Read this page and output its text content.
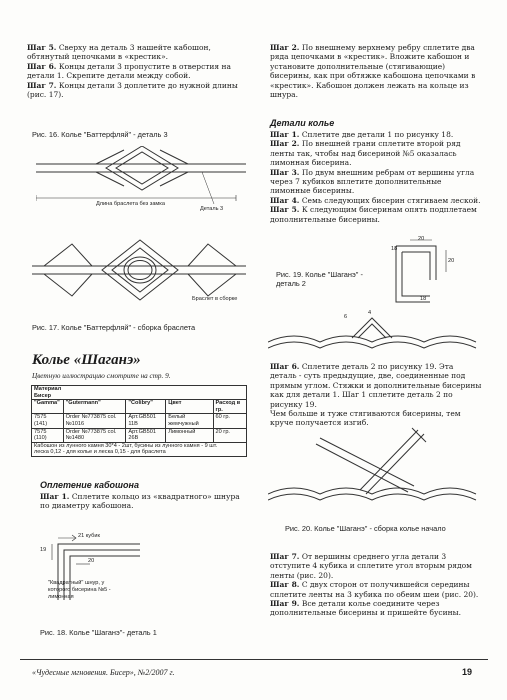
Шаг 5. Сверху на деталь 3 нашейте кабошон, обтянутый цепочками в «крестик».

Шаг 6. Концы детали 3 пропустите в отверстия на детали 1. Скрепите детали между собой.

Шаг 7. Концы детали 3 доплетите до нужной длины (рис. 17).

Рис. 16. Колье "Баттерфляй" - деталь 3
Длина браслета без замка
Деталь 3
Браслет в сборке
Рис. 17. Колье "Баттерфляй" - сборка браслета
Колье «Шаганэ»
Цветную иллюстрацию смотрите на стр. 9.
Материал				
Бисер				
"Gamma"	"Gutermann"	"Colibry"	Цвет	Расход в гр.
7575 (141)	Order №773875 col. №1016	Арт.GB501 11B	Белый жемчужный	60 гр.
7575 (110)	Order №773875 col. №1480	Арт.GB501 26B	Лимонный	20 гр.

Кабошон из лунного камня 30*4 - 2шт, бусины из лунного камня - 9 шт.
леска 0,12 - для колье и леска 0,15 - для браслета				
Оплетение кабошона

Шаг 1. Сплетите кольцо из «квадратного» шнура по диаметру кабошона.

21 кубик
20
19
"Квадратный" шнур, у которого бисерина №5 - лимонная
Рис. 18. Колье "Шаганэ"- деталь 1

Шаг 2. По внешнему верхнему ребру сплетите два ряда цепочками в «крестик». Вложите кабошон и установите дополнительные (стягивающие) бисерины, как при обтяжке кабошона цепочками в «крестик». Кабошон должен лежать на кольце из шнура.

Детали колье

Шаг 1. Сплетите две детали 1 по рисунку 18.

Шаг 2. По внешней грани сплетите второй ряд ленты так, чтобы над бисериной №5 оказалась лимонная бисерина.

Шаг 3. По двум внешним ребрам от вершины угла через 7 кубиков вплетите дополнительные лимонные бисерины.

Шаг 4. Семь следующих бисерин стягиваем леской.

Шаг 5. К следующим бисеринам опять подплетаем дополнительные бисерины.

20
18
20
18
Рис. 19. Колье "Шаганэ" - деталь 2
6
4

Шаг 6. Сплетите деталь 2 по рисунку 19. Эта деталь - суть предыдущие, две, соединенные под прямым углом. Стяжки и дополнительные бисерины как для детали 1. Шаг 1 сплетите деталь 2 по рисунку 19.

Чем больше и туже стягиваются бисерины, тем круче получается изгиб.

Рис. 20. Колье "Шаганэ" - сборка колье начало

Шаг 7. От вершины среднего угла детали 3 отступите 4 кубика и сплетите угол вторым рядом ленты (рис. 20).

Шаг 8. С двух сторон от получившейся середины сплетите ленты на 3 кубика по обеим шеи (рис. 20).

Шаг 9. Все детали колье соедините через дополнительные бисерины и пришейте бусины.

«Чудесные мгновения. Бисер», №2/2007 г.	19
